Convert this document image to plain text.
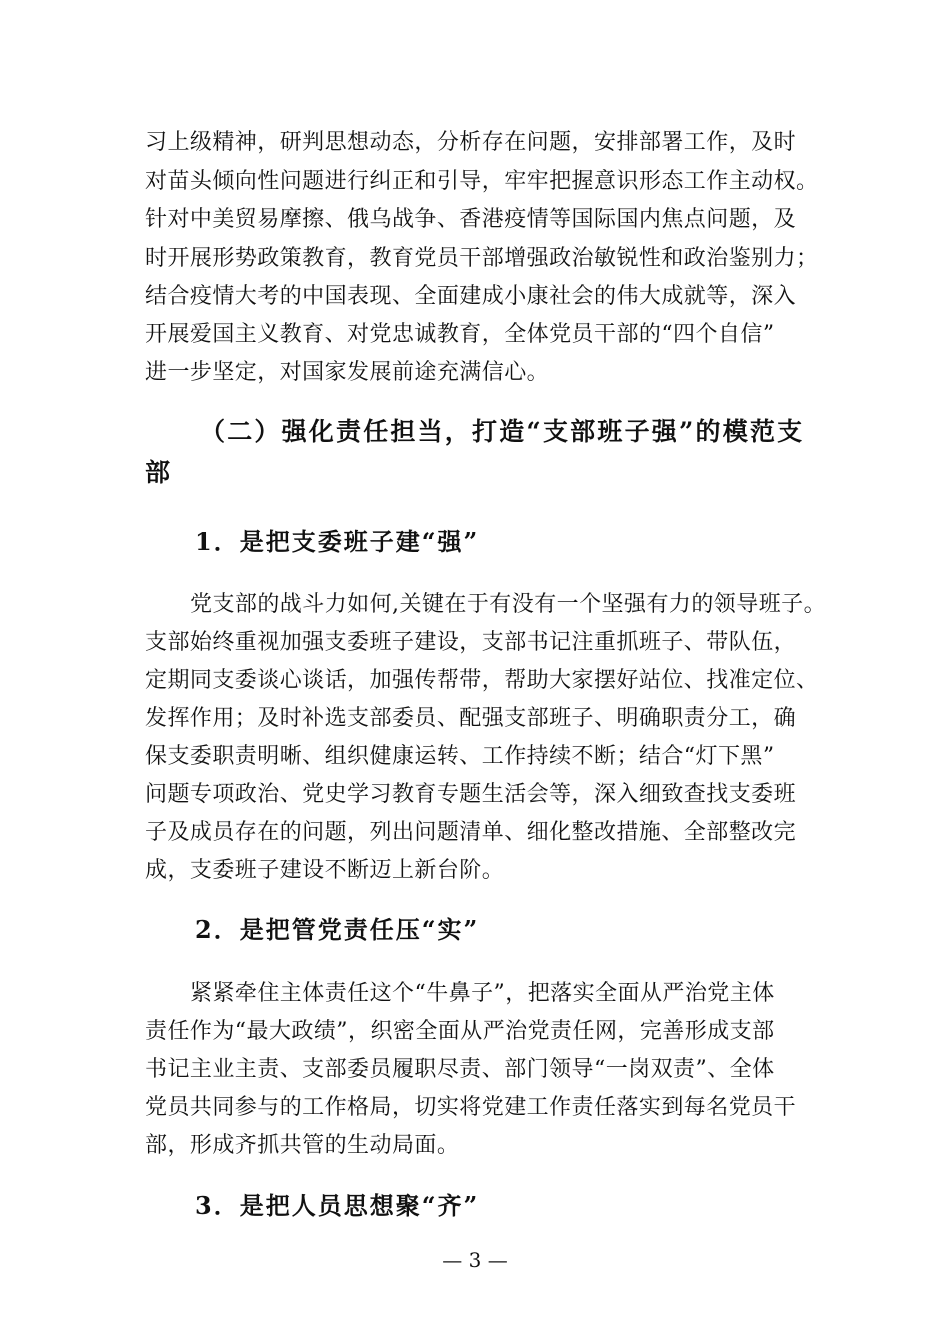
习上级精神，研判思想动态，分析存在问题，安排部署工作，及时
对苗头倾向性问题进行纠正和引导，牢牢把握意识形态工作主动权。
针对中美贸易摩擦、俄乌战争、香港疫情等国际国内焦点问题，及
时开展形势政策教育，教育党员干部增强政治敏锐性和政治鉴别力；
结合疫情大考的中国表现、全面建成小康社会的伟大成就等，深入
开展爱国主义教育、对党忠诚教育，全体党员干部的“四个自信”
进一步坚定，对国家发展前途充满信心。
（二）强化责任担当，打造“支部班子强”的模范支
部
1．是把支委班子建“强”
党支部的战斗力如何,关键在于有没有一个坚强有力的领导班子。
支部始终重视加强支委班子建设，支部书记注重抓班子、带队伍，
定期同支委谈心谈话，加强传帮带，帮助大家摆好站位、找准定位、
发挥作用；及时补选支部委员、配强支部班子、明确职责分工，确
保支委职责明晰、组织健康运转、工作持续不断；结合“灯下黑”
问题专项政治、党史学习教育专题生活会等，深入细致查找支委班
子及成员存在的问题，列出问题清单、细化整改措施、全部整改完
成，支委班子建设不断迈上新台阶。
2．是把管党责任压“实”
紧紧牵住主体责任这个“牛鼻子”，把落实全面从严治党主体
责任作为“最大政绩”，织密全面从严治党责任网，完善形成支部
书记主业主责、支部委员履职尽责、部门领导“一岗双责”、全体
党员共同参与的工作格局，切实将党建工作责任落实到每名党员干
部，形成齐抓共管的生动局面。
3．是把人员思想聚“齐”
— 3 —
